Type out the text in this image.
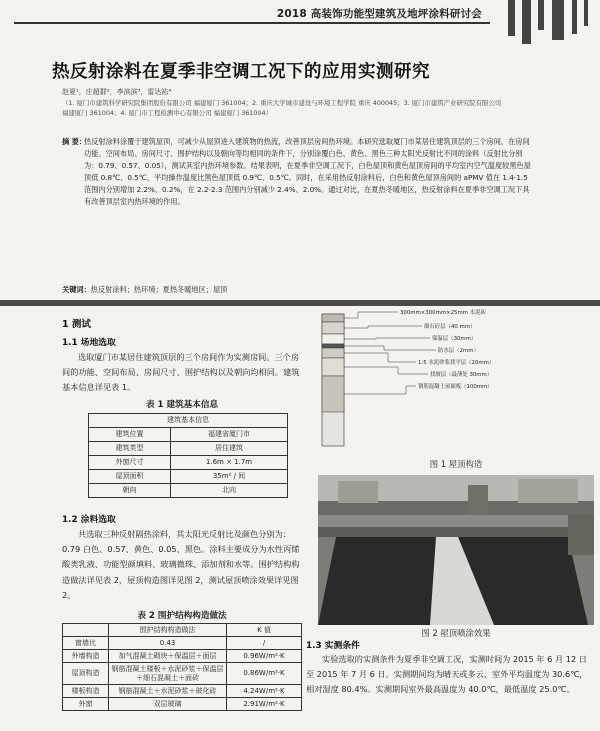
2018 高装饰功能型建筑及地坪涂料研讨会
热反射涂料在夏季非空调工况下的应用实测研究
赵夏¹，庄超群²，李滨滨³，雷达祐⁴
（1. 厦门市建筑科学研究院集团股份有限公司 福建厦门 361004；2. 重庆大学城市建设与环境工程学院 重庆 400045；3. 厦门市建筑产业研究院有限公司 福建厦门 361004；4. 厦门市工程检测中心有限公司 福建厦门 361004）
摘 要：
热反射涂料涂覆于建筑屋顶，可减少从屋顶进入建筑物的热流，改善顶层房间热环境。本研究选取厦门市某居住建筑顶层的三个房间，在房间功能、空间布局、房间尺寸、围护结构以及朝向等均相同的条件下，分别涂覆白色、黄色、黑色三种太阳光反射比不同的涂料（反射比分别为：0.79、0.57、0.05），测试其室内热环境参数。结果表明，在夏季非空调工况下，白色屋顶和黄色屋顶房间的平均室内空气温度较黑色屋顶低 0.8℃、0.5℃，平均操作温度比黑色屋顶低 0.9℃、0.5℃。同时，在采用热反射涂料后，白色和黄色屋顶房间的 aPMV 值在 1.4-1.5 范围内分别增加 2.2%、0.2%，在 2.2-2.3 范围内分别减少 2.4%、2.0%。通过对比，在夏热冬暖地区，热反射涂料在夏季非空调工况下具有改善顶层室内热环境的作用。
关键词：热反射涂料；热环境；夏热冬暖地区；屋顶
1 测试
1.1 场地选取
选取厦门市某居住建筑顶层的三个房间作为实测房间。三个房间的功能、空间布局、房间尺寸、围护结构以及朝向均相同。建筑基本信息详见表 1。
表 1 建筑基本信息
建筑基本信息	
建筑位置	福建省厦门市
建筑类型	居住建筑
外窗尺寸	1.6m × 1.7m
屋顶面积	35m² / 间
朝向	北向
1.2 涂料选取
共选取三种反射隔热涂料，其太阳光反射比及颜色分别为：0.79 白色、0.57、黄色、0.05、黑色。涂料主要成分为水性丙烯酸类乳液、功能型颜填料、玻璃微珠、添加剂和水等。围护结构构造做法详见表 2，屋顶构造图详见图 2，测试屋顶喷涂效果详见图 2。
表 2 围护结构构造做法
	围护结构构造做法	K 值
窗墙比	0.43	/
外墙构造	加气混凝土砌块＋保温层＋面层	0.96W/m²·K
屋顶构造	钢筋混凝土楼板＋水泥砂浆＋保温层＋细石混凝土＋面砖	0.86W/m²·K
楼板构造	钢筋混凝土＋水泥砂浆＋玻化砖	4.24W/m²·K
外窗	双层玻璃	2.91W/m²·K
300mm×300mm×25mm 水泥砖
细石砼层（40 mm）
保温层（30mm）
防水层（2mm）
1:5 水泥砂浆找平层（20mm）
找坡层（最薄处 30mm）
钢筋混凝土屋面板（100mm）
图 1 屋顶构造
图 2 屋顶喷涂效果
1.3 实测条件
实验选取的实测条件为夏季非空调工况，实测时间为 2015 年 6 月 12 日至 2015 年 7 月 6 日。实测期间均为晴天或多云，室外平均温度为 30.6℃，相对湿度 80.4%。实测期间室外最高温度为 40.0℃，最低温度 25.0℃。
